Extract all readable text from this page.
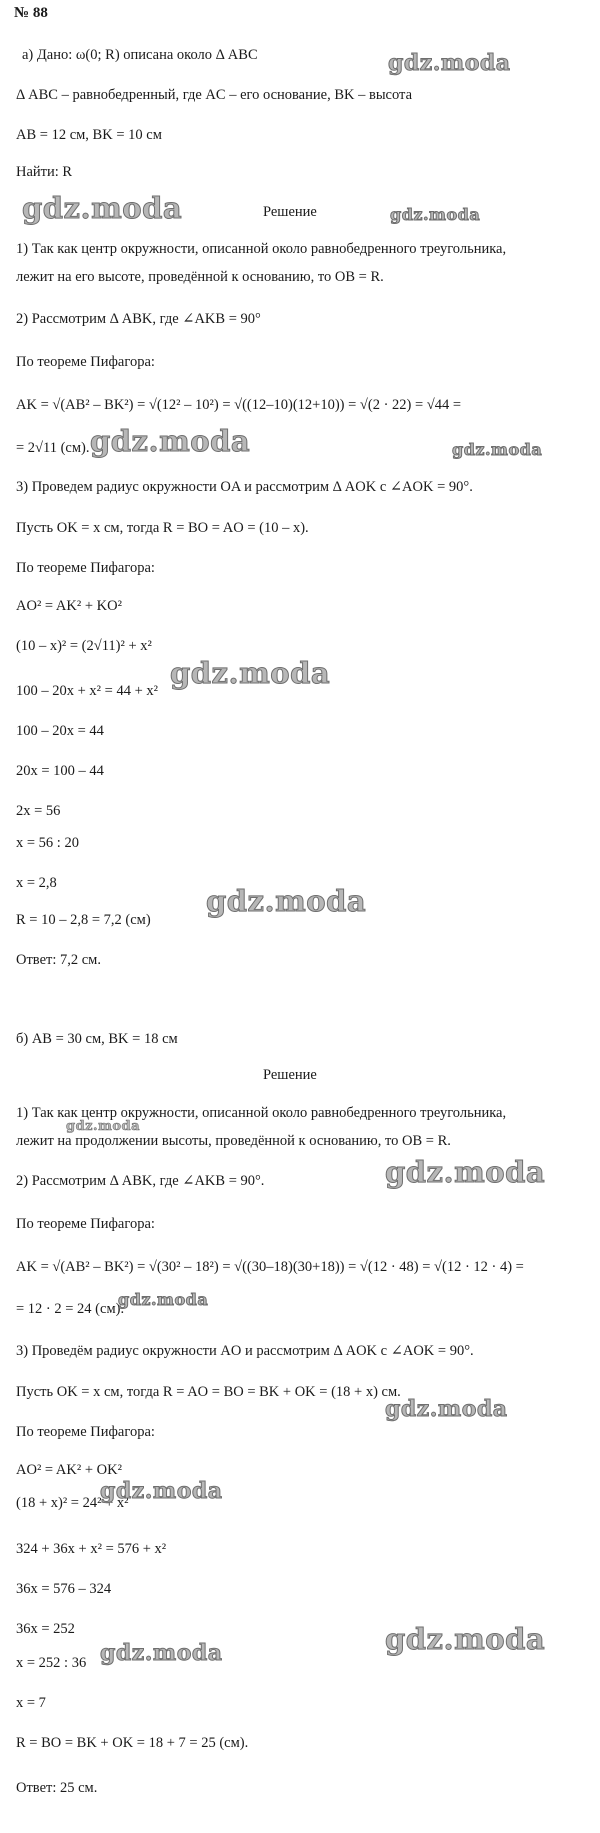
№ 88
а) Дано: ω(0; R) описана около Δ ABC
Δ ABC – равнобедренный, где AC – его основание, BK – высота
AB = 12 см, BK = 10 см
Найти: R
Решение
1) Так как центр окружности, описанной около равнобедренного треугольника,
лежит на его высоте, проведённой к основанию, то OB = R.
2) Рассмотрим Δ ABK, где ∠AKB = 90°
По теореме Пифагора:
AK = √(AB² – BK²) = √(12² – 10²) = √((12–10)(12+10)) = √(2 · 22) = √44 =
= 2√11 (см).
3) Проведем радиус окружности OA и рассмотрим Δ AOK с ∠AOK = 90°.
Пусть OK = x см, тогда R = BO = AO = (10 – x).
По теореме Пифагора:
AO² = AK² + KO²
(10 – x)² = (2√11)² + x²
100 – 20x + x² = 44 + x²
100 – 20x = 44
20x = 100 – 44
2x = 56
x = 56 : 20
x = 2,8
R = 10 – 2,8 = 7,2 (см)
Ответ: 7,2 см.
б) AB = 30 см, BK = 18 см
Решение
1) Так как центр окружности, описанной около равнобедренного треугольника,
лежит на продолжении высоты, проведённой к основанию, то OB = R.
2) Рассмотрим Δ ABK, где ∠AKB = 90°.
По теореме Пифагора:
AK = √(AB² – BK²) = √(30² – 18²) = √((30–18)(30+18)) = √(12 · 48) = √(12 · 12 · 4) =
= 12 · 2 = 24 (см).
3) Проведём радиус окружности AO и рассмотрим Δ AOK с ∠AOK = 90°.
Пусть OK = x см, тогда R = AO = BO = BK + OK = (18 + x) см.
По теореме Пифагора:
AO² = AK² + OK²
(18 + x)² = 24² + x²
324 + 36x + x² = 576 + x²
36x = 576 – 324
36x = 252
x = 252 : 36
x = 7
R = BO = BK + OK = 18 + 7 = 25 (см).
Ответ: 25 см.
gdz.moda
gdz.moda	gdz.moda
gdz.moda	gdz.moda
gdz.moda
gdz.moda
gdz.moda
gdz.moda
gdz.moda
gdz.moda
gdz.moda
gdz.moda	gdz.moda
